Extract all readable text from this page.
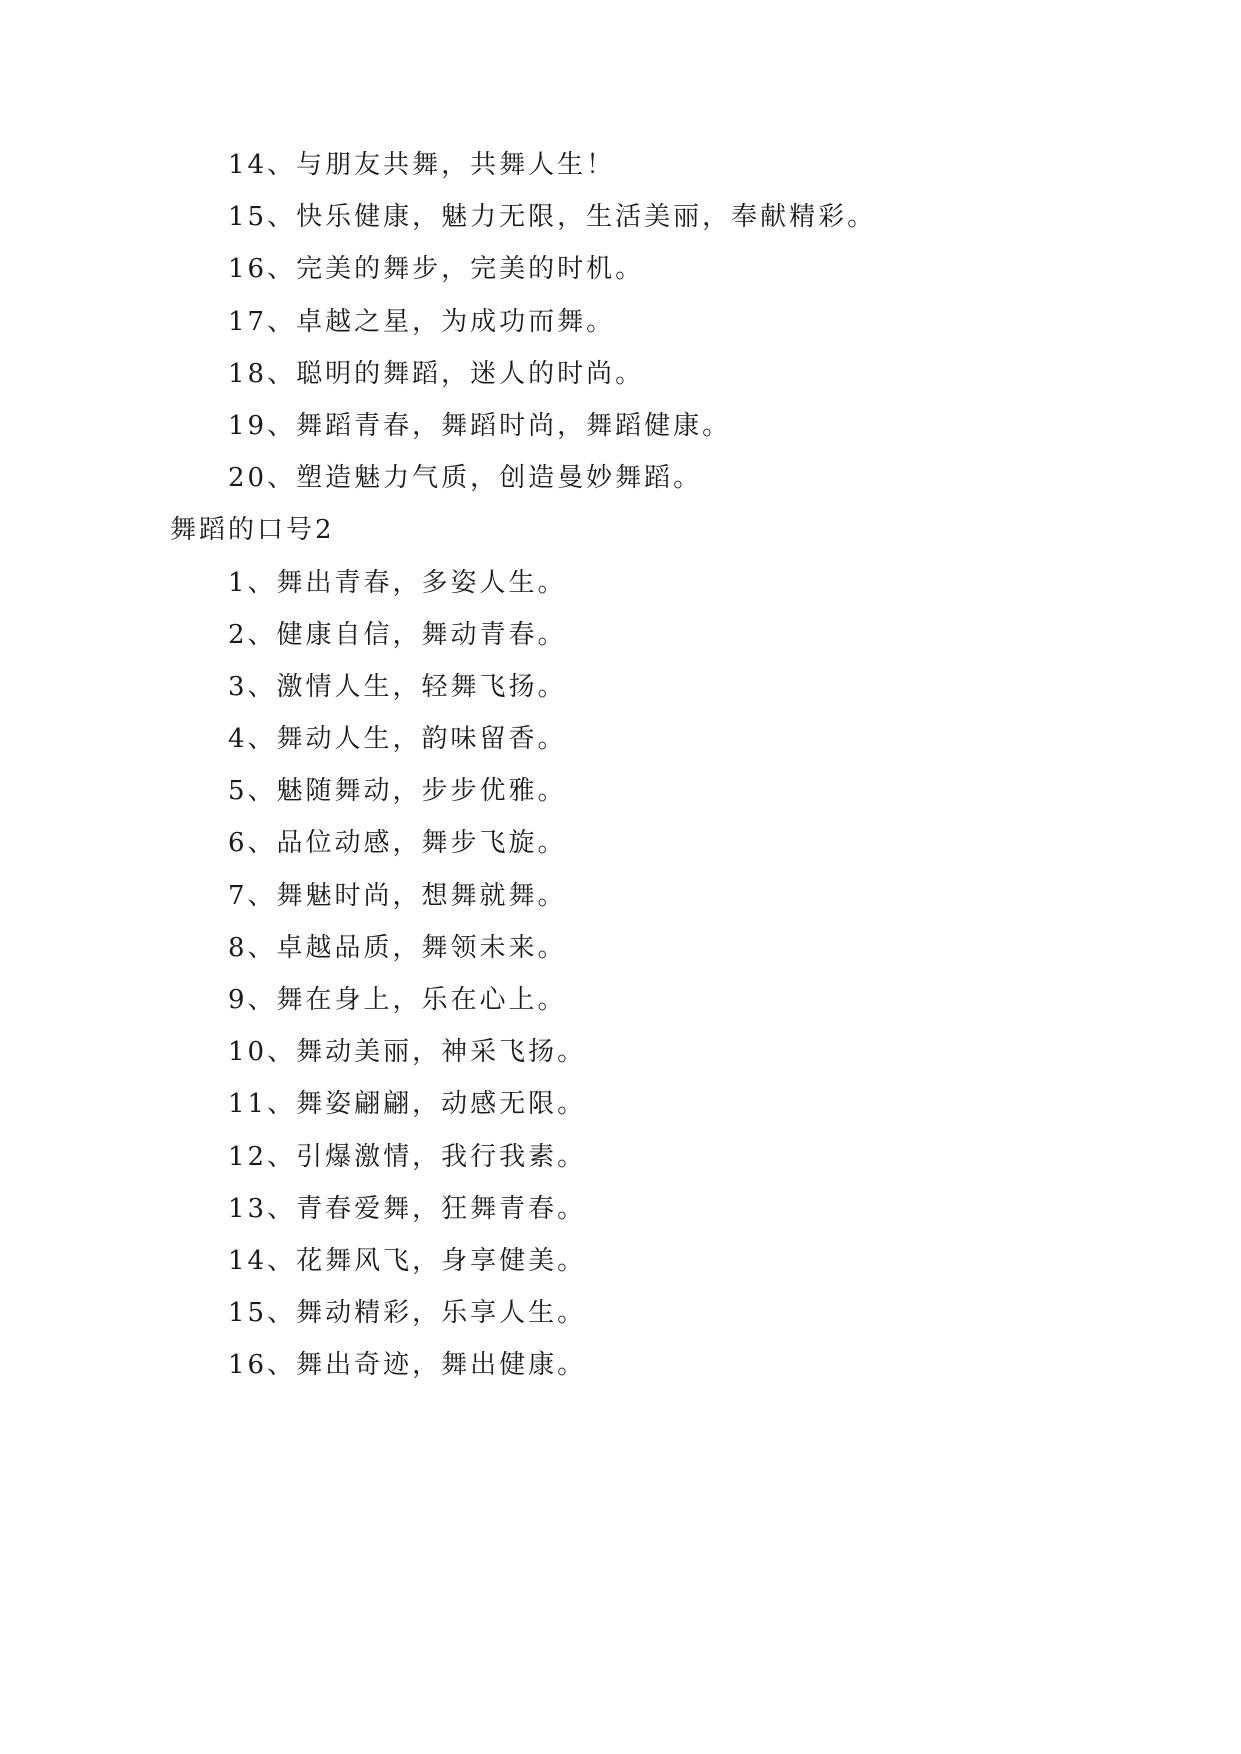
14、与朋友共舞，共舞人生！
15、快乐健康，魅力无限，生活美丽，奉献精彩。
16、完美的舞步，完美的时机。
17、卓越之星，为成功而舞。
18、聪明的舞蹈，迷人的时尚。
19、舞蹈青春，舞蹈时尚，舞蹈健康。
20、塑造魅力气质，创造曼妙舞蹈。
舞蹈的口号2
1、舞出青春，多姿人生。
2、健康自信，舞动青春。
3、激情人生，轻舞飞扬。
4、舞动人生，韵味留香。
5、魅随舞动，步步优雅。
6、品位动感，舞步飞旋。
7、舞魅时尚，想舞就舞。
8、卓越品质，舞领未来。
9、舞在身上，乐在心上。
10、舞动美丽，神采飞扬。
11、舞姿翩翩，动感无限。
12、引爆激情，我行我素。
13、青春爱舞，狂舞青春。
14、花舞风飞，身享健美。
15、舞动精彩，乐享人生。
16、舞出奇迹，舞出健康。
